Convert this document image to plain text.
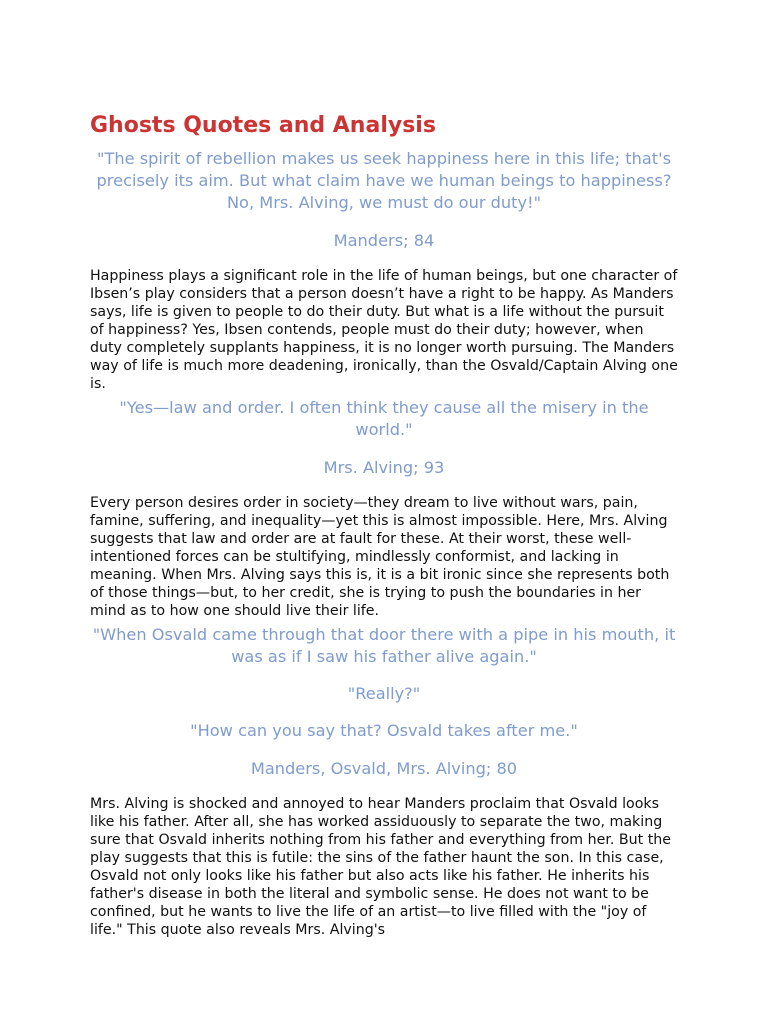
Ghosts Quotes and Analysis

"The spirit of rebellion makes us seek happiness here in this life; that's precisely its aim. But what claim have we human beings to happiness? No, Mrs. Alving, we must do our duty!"

Manders; 84

Happiness plays a significant role in the life of human beings, but one character of Ibsen’s play considers that a person doesn’t have a right to be happy. As Manders says, life is given to people to do their duty. But what is a life without the pursuit of happiness? Yes, Ibsen contends, people must do their duty; however, when duty completely supplants happiness, it is no longer worth pursuing. The Manders way of life is much more deadening, ironically, than the Osvald/Captain Alving one is.

"Yes—law and order. I often think they cause all the misery in the world."

Mrs. Alving; 93

Every person desires order in society—they dream to live without wars, pain, famine, suffering, and inequality—yet this is almost impossible. Here, Mrs. Alving suggests that law and order are at fault for these. At their worst, these well-intentioned forces can be stultifying, mindlessly conformist, and lacking in meaning. When Mrs. Alving says this is, it is a bit ironic since she represents both of those things—but, to her credit, she is trying to push the boundaries in her mind as to how one should live their life.

"When Osvald came through that door there with a pipe in his mouth, it was as if I saw his father alive again."

"Really?"

"How can you say that? Osvald takes after me."

Manders, Osvald, Mrs. Alving; 80

Mrs. Alving is shocked and annoyed to hear Manders proclaim that Osvald looks like his father. After all, she has worked assiduously to separate the two, making sure that Osvald inherits nothing from his father and everything from her. But the play suggests that this is futile: the sins of the father haunt the son. In this case, Osvald not only looks like his father but also acts like his father. He inherits his father's disease in both the literal and symbolic sense. He does not want to be confined, but he wants to live the life of an artist—to live filled with the "joy of life." This quote also reveals Mrs. Alving's
